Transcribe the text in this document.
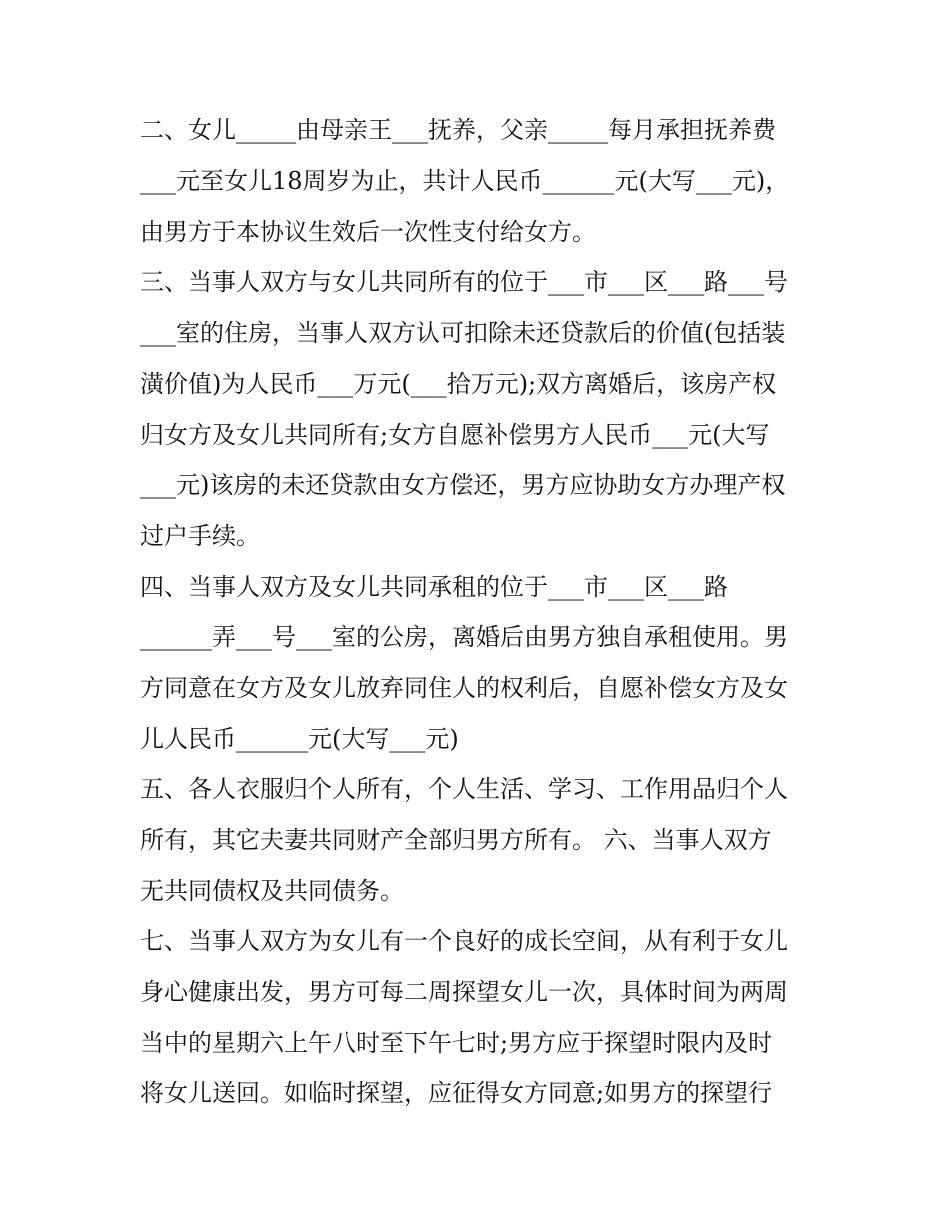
二、女儿_____由母亲王___抚养，父亲_____每月承担抚养费
___元至女儿18周岁为止，共计人民币______元(大写___元)，
由男方于本协议生效后一次性支付给女方。
三、当事人双方与女儿共同所有的位于___市___区___路___号
___室的住房，当事人双方认可扣除未还贷款后的价值(包括装
潢价值)为人民币___万元(___拾万元);双方离婚后，该房产权
归女方及女儿共同所有;女方自愿补偿男方人民币___元(大写
___元)该房的未还贷款由女方偿还，男方应协助女方办理产权
过户手续。
四、当事人双方及女儿共同承租的位于___市___区___路
______弄___号___室的公房，离婚后由男方独自承租使用。男
方同意在女方及女儿放弃同住人的权利后，自愿补偿女方及女
儿人民币______元(大写___元)
五、各人衣服归个人所有，个人生活、学习、工作用品归个人
所有，其它夫妻共同财产全部归男方所有。 六、当事人双方
无共同债权及共同债务。
七、当事人双方为女儿有一个良好的成长空间，从有利于女儿
身心健康出发，男方可每二周探望女儿一次，具体时间为两周
当中的星期六上午八时至下午七时;男方应于探望时限内及时
将女儿送回。如临时探望，应征得女方同意;如男方的探望行
